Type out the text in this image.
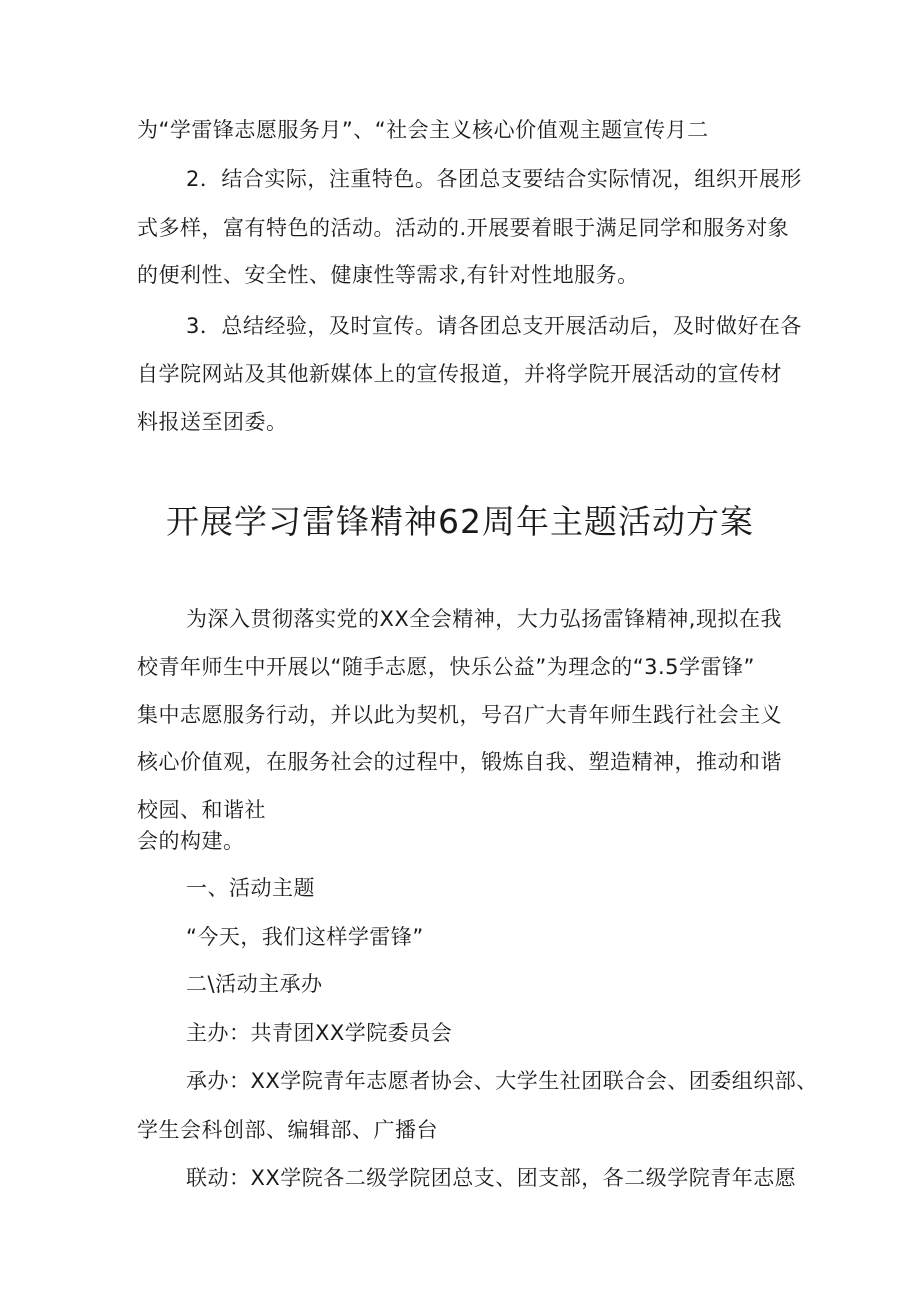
为“学雷锋志愿服务月”、“社会主义核心价值观主题宣传月二
2．结合实际，注重特色。各团总支要结合实际情况，组织开展形
式多样，富有特色的活动。活动的.开展要着眼于满足同学和服务对象
的便利性、安全性、健康性等需求,有针对性地服务。
3．总结经验，及时宣传。请各团总支开展活动后，及时做好在各
自学院网站及其他新媒体上的宣传报道，并将学院开展活动的宣传材
料报送至团委。
开展学习雷锋精神62周年主题活动方案
为深入贯彻落实党的XX全会精神，大力弘扬雷锋精神,现拟在我
校青年师生中开展以“随手志愿，快乐公益”为理念的“3.5学雷锋”
集中志愿服务行动，并以此为契机，号召广大青年师生践行社会主义
核心价值观，在服务社会的过程中，锻炼自我、塑造精神，推动和谐
校园、和谐社
会的构建。
一、活动主题
“今天，我们这样学雷锋”
二\活动主承办
主办：共青团XX学院委员会
承办：XX学院青年志愿者协会、大学生社团联合会、团委组织部、
学生会科创部、编辑部、广播台
联动：XX学院各二级学院团总支、团支部，各二级学院青年志愿
